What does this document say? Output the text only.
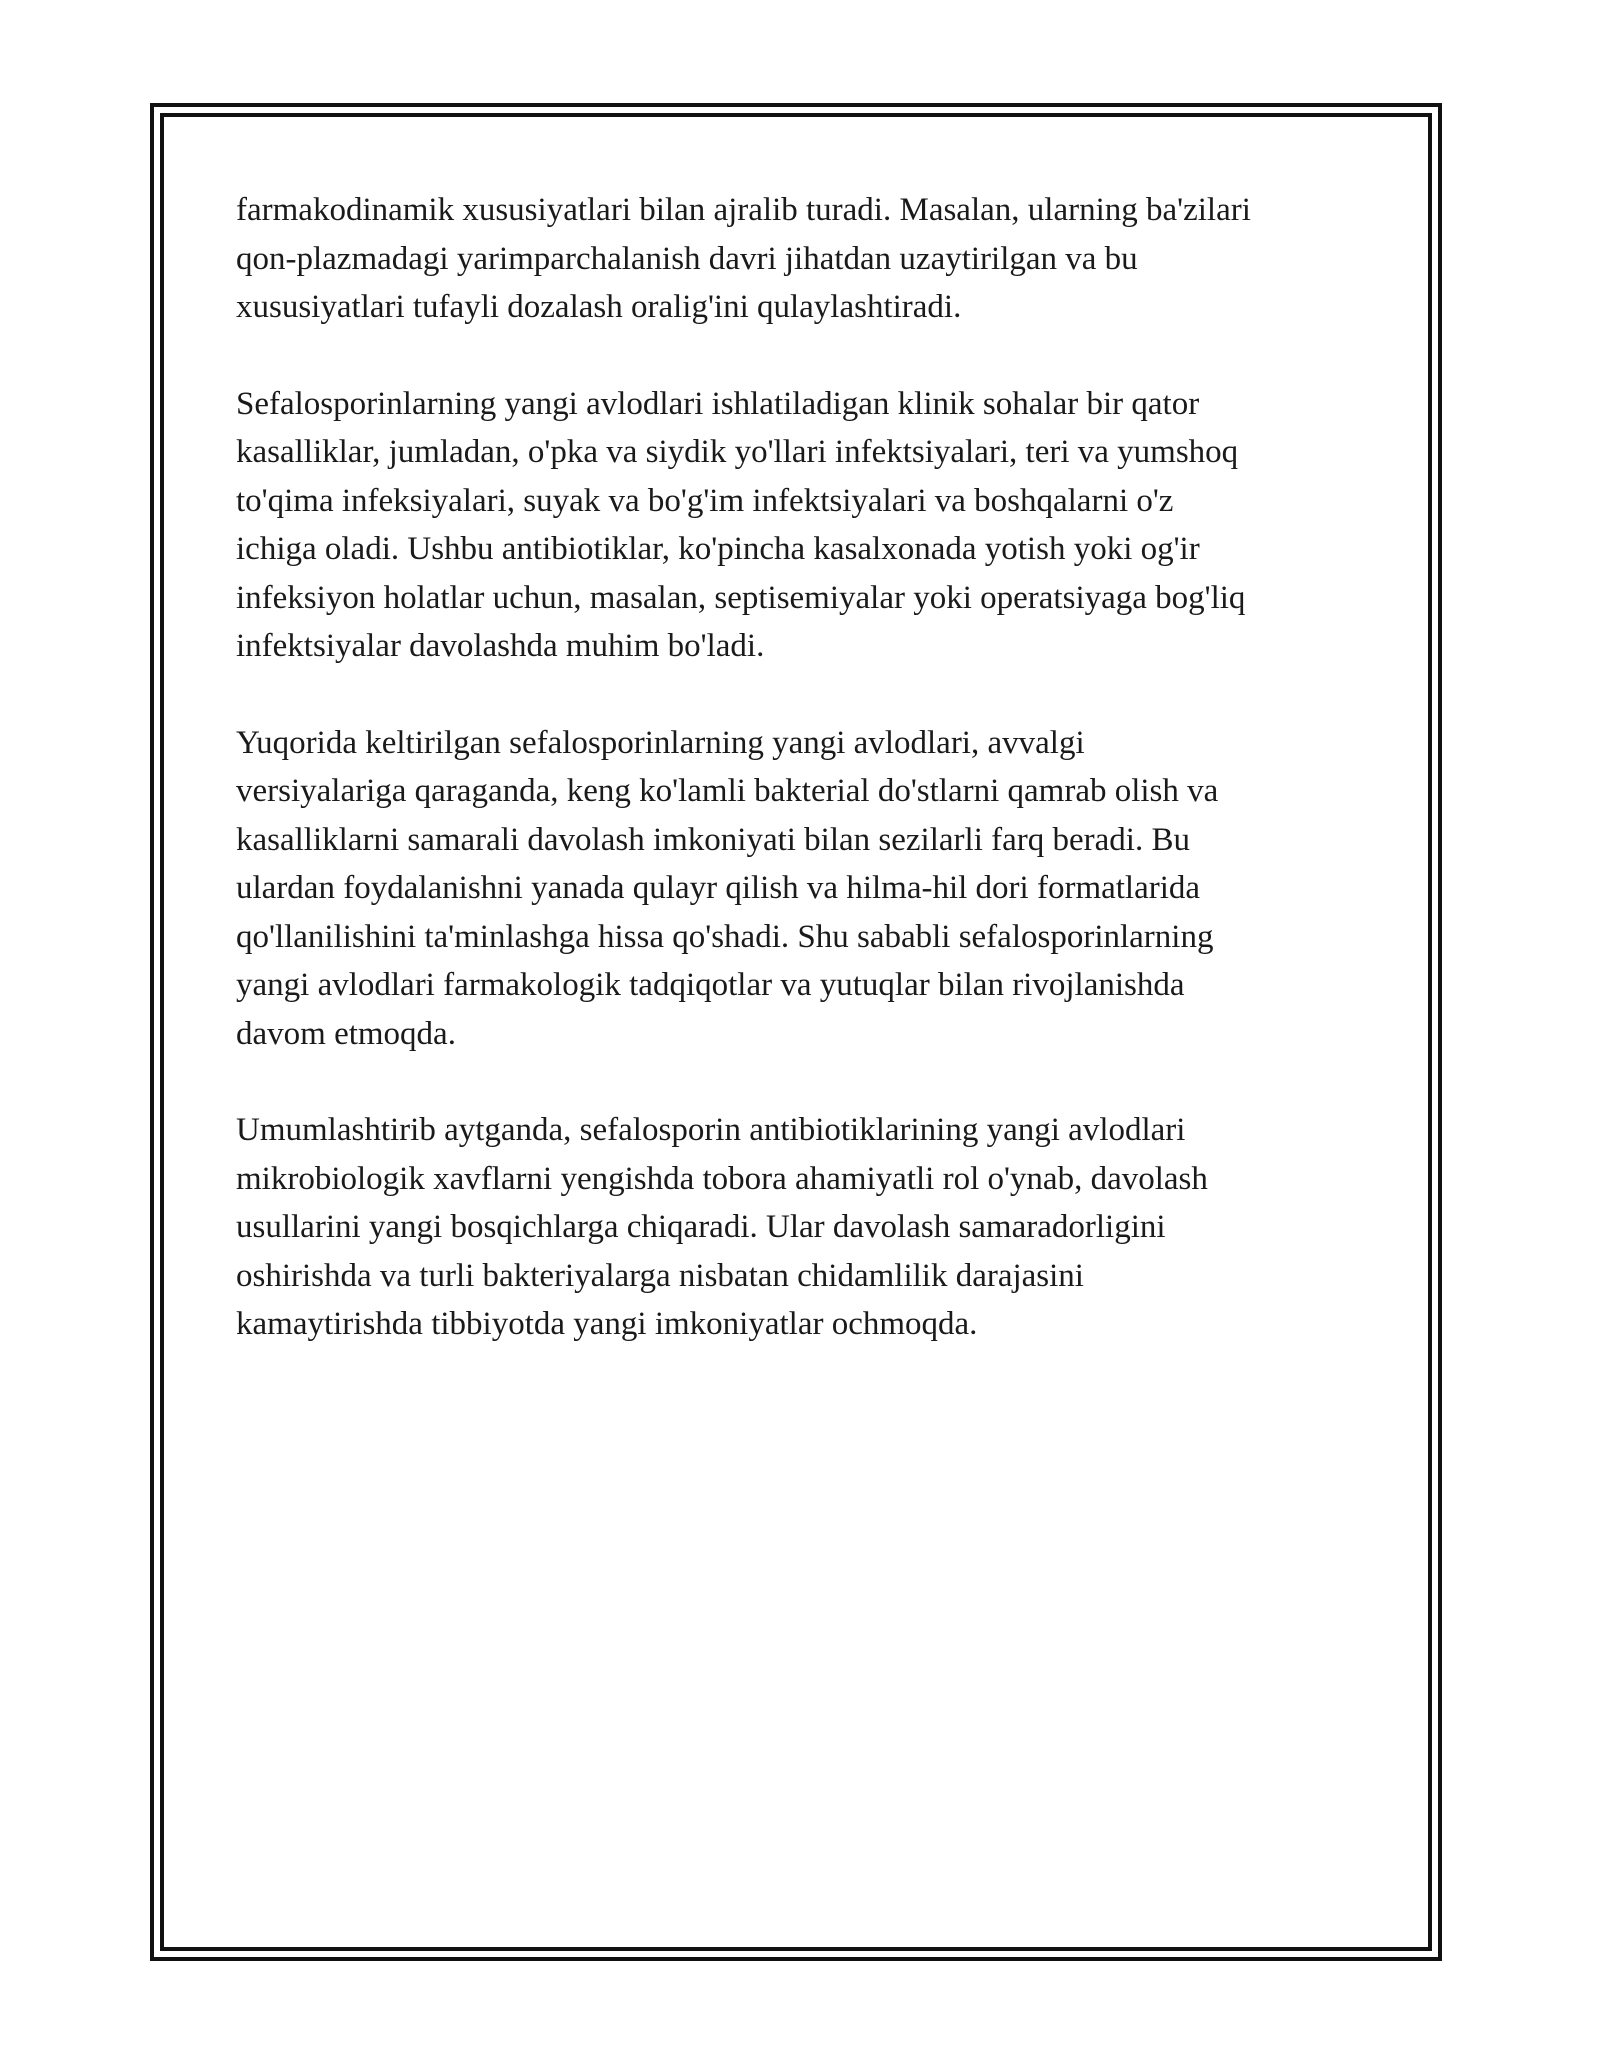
farmakodinamik xususiyatlari bilan ajralib turadi. Masalan, ularning ba'zilari
qon-plazmadagi yarimparchalanish davri jihatdan uzaytirilgan va bu
xususiyatlari tufayli dozalash oralig'ini qulaylashtiradi.

Sefalosporinlarning yangi avlodlari ishlatiladigan klinik sohalar bir qator
kasalliklar, jumladan, o'pka va siydik yo'llari infektsiyalari, teri va yumshoq
to'qima infeksiyalari, suyak va bo'g'im infektsiyalari va boshqalarni o'z
ichiga oladi. Ushbu antibiotiklar, ko'pincha kasalxonada yotish yoki og'ir
infeksiyon holatlar uchun, masalan, septisemiyalar yoki operatsiyaga bog'liq
infektsiyalar davolashda muhim bo'ladi.

Yuqorida keltirilgan sefalosporinlarning yangi avlodlari, avvalgi
versiyalariga qaraganda, keng ko'lamli bakterial do'stlarni qamrab olish va
kasalliklarni samarali davolash imkoniyati bilan sezilarli farq beradi. Bu
ulardan foydalanishni yanada qulayr qilish va hilma-hil dori formatlarida
qo'llanilishini ta'minlashga hissa qo'shadi. Shu sababli sefalosporinlarning
yangi avlodlari farmakologik tadqiqotlar va yutuqlar bilan rivojlanishda
davom etmoqda.

Umumlashtirib aytganda, sefalosporin antibiotiklarining yangi avlodlari
mikrobiologik xavflarni yengishda tobora ahamiyatli rol o'ynab, davolash
usullarini yangi bosqichlarga chiqaradi. Ular davolash samaradorligini
oshirishda va turli bakteriyalarga nisbatan chidamlilik darajasini
kamaytirishda tibbiyotda yangi imkoniyatlar ochmoqda.
